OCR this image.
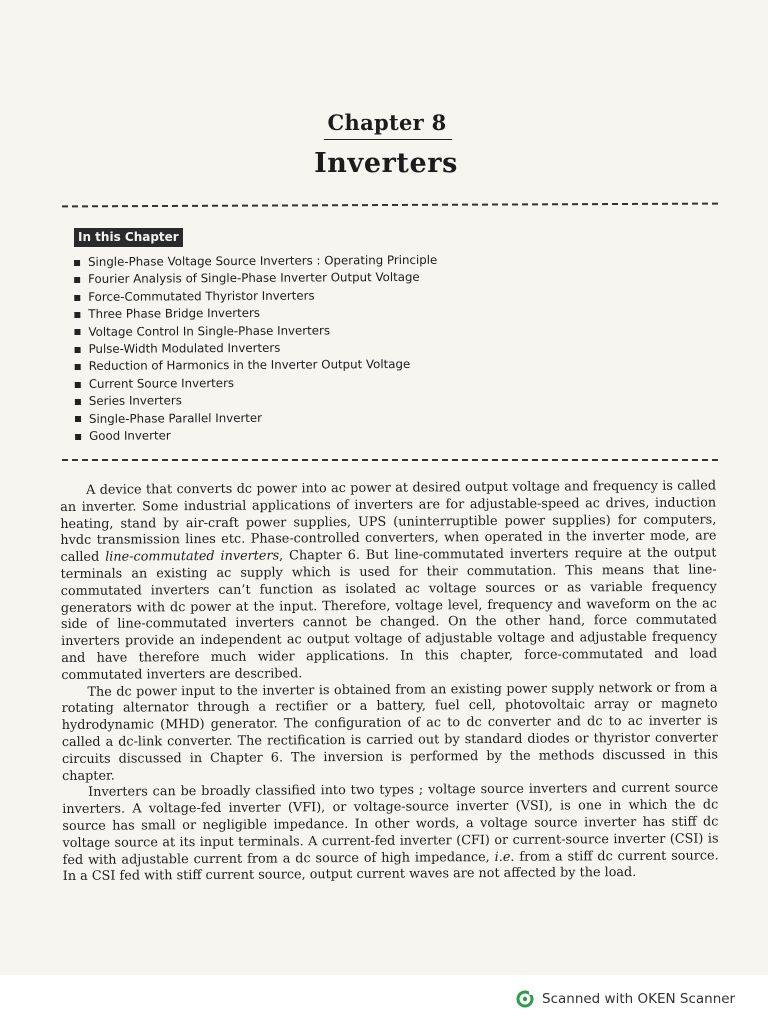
Chapter 8
Inverters
In this Chapter
Single-Phase Voltage Source Inverters : Operating Principle
Fourier Analysis of Single-Phase Inverter Output Voltage
Force-Commutated Thyristor Inverters
Three Phase Bridge Inverters
Voltage Control In Single-Phase Inverters
Pulse-Width Modulated Inverters
Reduction of Harmonics in the Inverter Output Voltage
Current Source Inverters
Series Inverters
Single-Phase Parallel Inverter
Good Inverter

A device that converts dc power into ac power at desired output voltage and frequency is called an inverter. Some industrial applications of inverters are for adjustable-speed ac drives, induction heating, stand by air-craft power supplies, UPS (uninterruptible power supplies) for computers, hvdc transmission lines etc. Phase-controlled converters, when operated in the inverter mode, are called line-commutated inverters, Chapter 6. But line-commutated inverters require at the output terminals an existing ac supply which is used for their commutation. This means that line-commutated inverters can’t function as isolated ac voltage sources or as variable frequency generators with dc power at the input. Therefore, voltage level, frequency and waveform on the ac side of line-commutated inverters cannot be changed. On the other hand, force commutated inverters provide an independent ac output voltage of adjustable voltage and adjustable frequency and have therefore much wider applications. In this chapter, force-commutated and load commutated inverters are described.

The dc power input to the inverter is obtained from an existing power supply network or from a rotating alternator through a rectifier or a battery, fuel cell, photovoltaic array or magneto hydrodynamic (MHD) generator. The configuration of ac to dc converter and dc to ac inverter is called a dc-link converter. The rectification is carried out by standard diodes or thyristor converter circuits discussed in Chapter 6. The inversion is performed by the methods discussed in this chapter.

Inverters can be broadly classified into two types ; voltage source inverters and current source inverters. A voltage-fed inverter (VFI), or voltage-source inverter (VSI), is one in which the dc source has small or negligible impedance. In other words, a voltage source inverter has stiff dc voltage source at its input terminals. A current-fed inverter (CFI) or current-source inverter (CSI) is fed with adjustable current from a dc source of high impedance, i.e. from a stiff dc current source. In a CSI fed with stiff current source, output current waves are not affected by the load.

Scanned with OKEN Scanner
